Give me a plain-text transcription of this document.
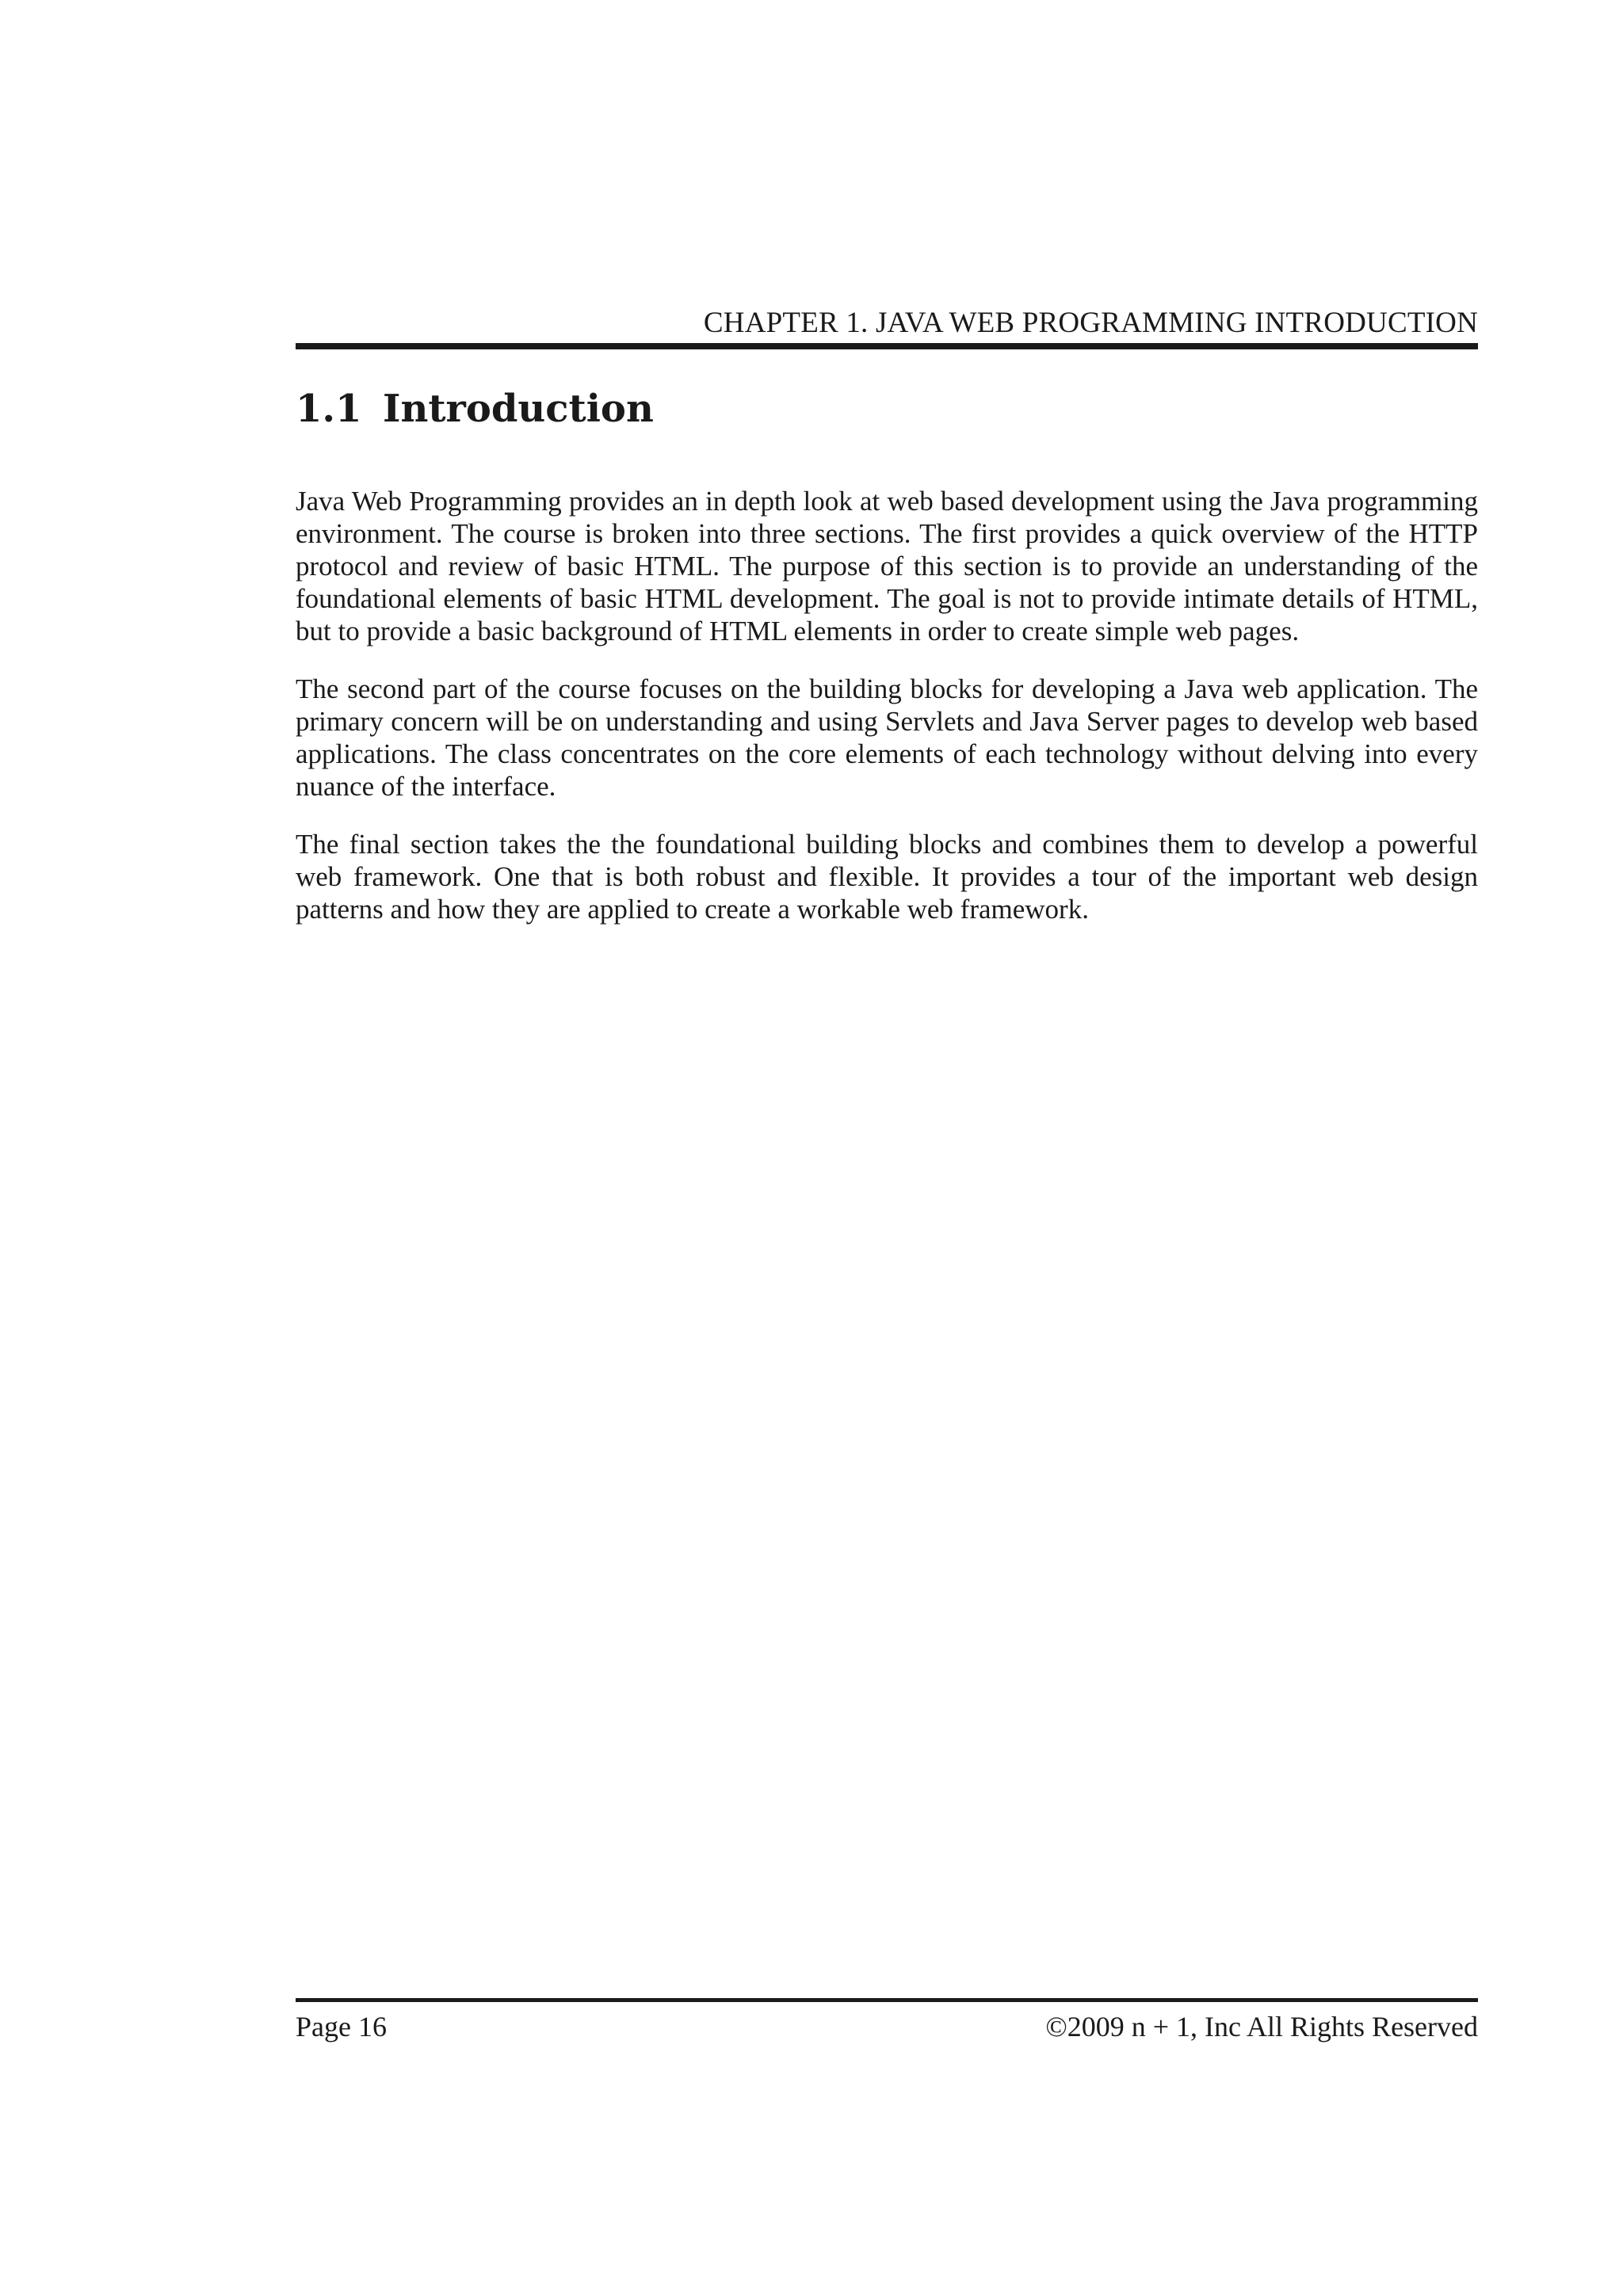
CHAPTER 1. JAVA WEB PROGRAMMING INTRODUCTION
1.1 Introduction

Java Web Programming provides an in depth look at web based development using the Java programming environment. The course is broken into three sections. The first provides a quick overview of the HTTP protocol and review of basic HTML. The purpose of this section is to provide an understanding of the foundational elements of basic HTML development. The goal is not to provide intimate details of HTML, but to provide a basic background of HTML elements in order to create simple web pages.

The second part of the course focuses on the building blocks for developing a Java web application. The primary concern will be on understanding and using Servlets and Java Server pages to develop web based applications. The class concentrates on the core elements of each technology without delving into every nuance of the interface.

The final section takes the the foundational building blocks and combines them to develop a powerful web framework. One that is both robust and flexible. It provides a tour of the important web design patterns and how they are applied to create a workable web framework.

Page 16	©2009 n + 1, Inc All Rights Reserved
